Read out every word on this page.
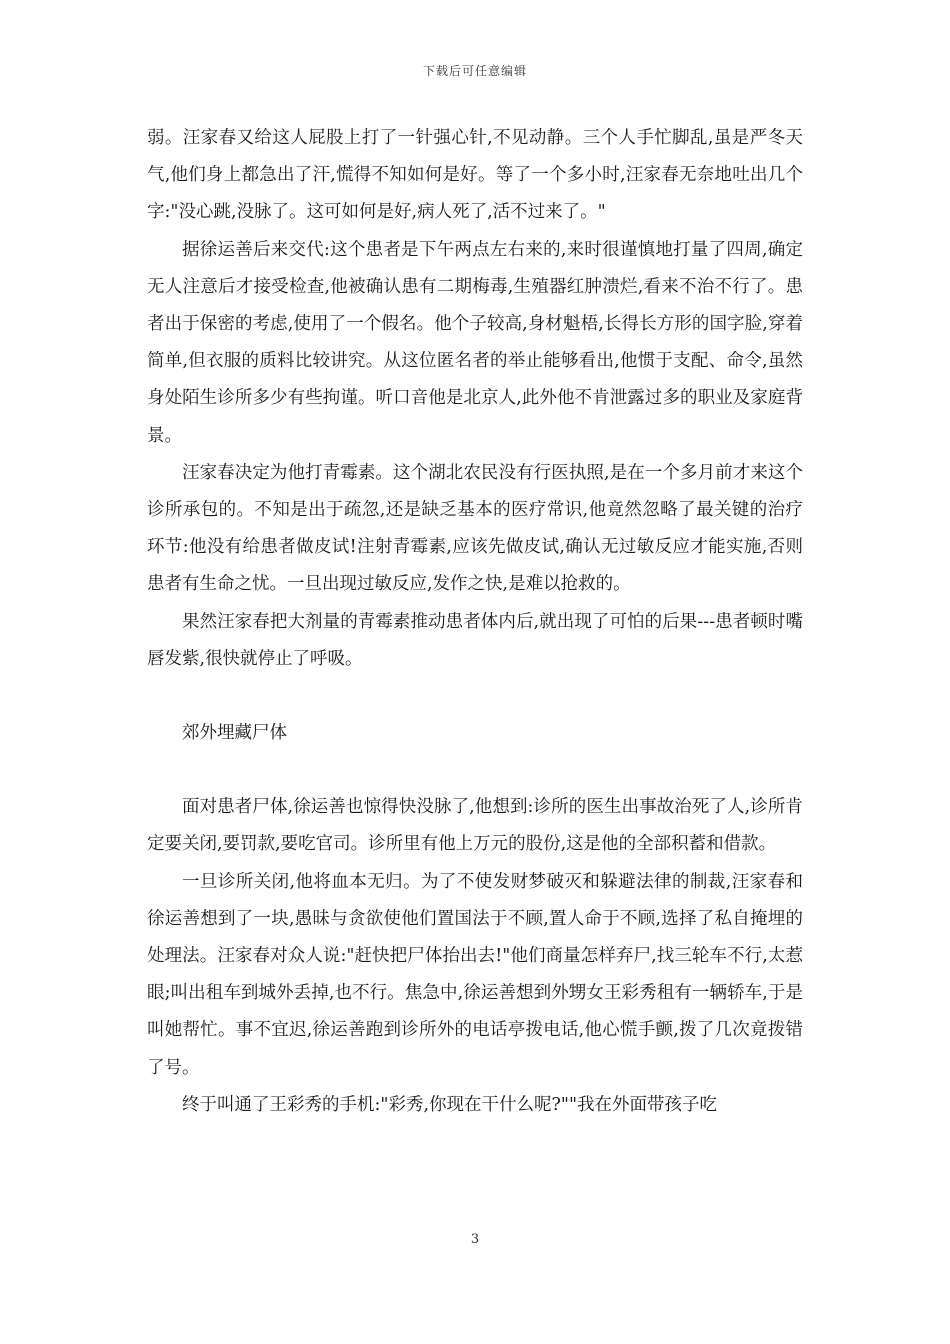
下载后可任意编辑

弱。汪家春又给这人屁股上打了一针强心针,不见动静。三个人手忙脚乱,虽是严冬天气,他们身上都急出了汗,慌得不知如何是好。等了一个多小时,汪家春无奈地吐出几个字:"没心跳,没脉了。这可如何是好,病人死了,活不过来了。"

据徐运善后来交代:这个患者是下午两点左右来的,来时很谨慎地打量了四周,确定无人注意后才接受检查,他被确认患有二期梅毒,生殖器红肿溃烂,看来不治不行了。患者出于保密的考虑,使用了一个假名。他个子较高,身材魁梧,长得长方形的国字脸,穿着简单,但衣服的质料比较讲究。从这位匿名者的举止能够看出,他惯于支配、命令,虽然身处陌生诊所多少有些拘谨。听口音他是北京人,此外他不肯泄露过多的职业及家庭背景。

汪家春决定为他打青霉素。这个湖北农民没有行医执照,是在一个多月前才来这个诊所承包的。不知是出于疏忽,还是缺乏基本的医疗常识,他竟然忽略了最关键的治疗环节:他没有给患者做皮试!注射青霉素,应该先做皮试,确认无过敏反应才能实施,否则患者有生命之忧。一旦出现过敏反应,发作之快,是难以抢救的。

果然汪家春把大剂量的青霉素推动患者体内后,就出现了可怕的后果---患者顿时嘴唇发紫,很快就停止了呼吸。

郊外埋藏尸体

面对患者尸体,徐运善也惊得快没脉了,他想到:诊所的医生出事故治死了人,诊所肯定要关闭,要罚款,要吃官司。诊所里有他上万元的股份,这是他的全部积蓄和借款。

一旦诊所关闭,他将血本无归。为了不使发财梦破灭和躲避法律的制裁,汪家春和徐运善想到了一块,愚昧与贪欲使他们置国法于不顾,置人命于不顾,选择了私自掩埋的处理法。汪家春对众人说:"赶快把尸体抬出去!"他们商量怎样弃尸,找三轮车不行,太惹眼;叫出租车到城外丢掉,也不行。焦急中,徐运善想到外甥女王彩秀租有一辆轿车,于是叫她帮忙。事不宜迟,徐运善跑到诊所外的电话亭拨电话,他心慌手颤,拨了几次竟拨错了号。

终于叫通了王彩秀的手机:"彩秀,你现在干什么呢?""我在外面带孩子吃

3
